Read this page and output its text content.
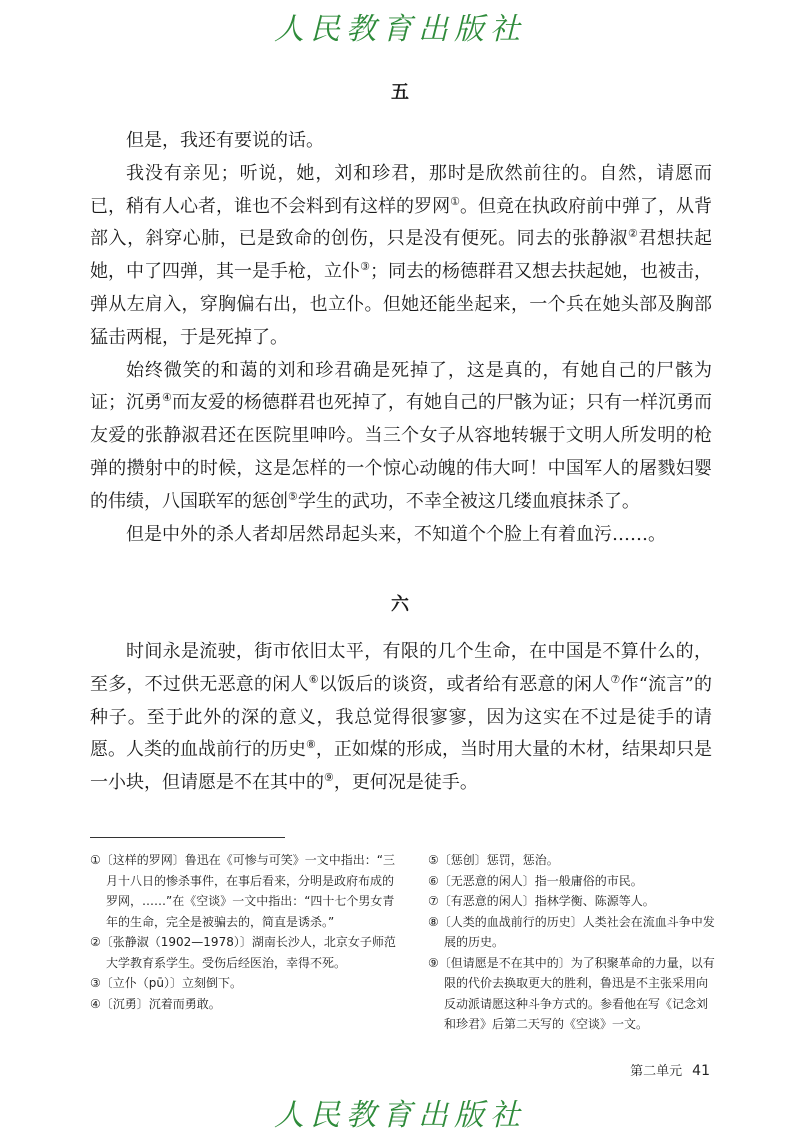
人民教育出版社
五

但是，我还有要说的话。

我没有亲见；听说，她，刘和珍君，那时是欣然前往的。自然，请愿而已，稍有人心者，谁也不会料到有这样的罗网①。但竟在执政府前中弹了，从背部入，斜穿心肺，已是致命的创伤，只是没有便死。同去的张静淑②君想扶起她，中了四弹，其一是手枪，立仆③；同去的杨德群君又想去扶起她，也被击，弹从左肩入，穿胸偏右出，也立仆。但她还能坐起来，一个兵在她头部及胸部猛击两棍，于是死掉了。

始终微笑的和蔼的刘和珍君确是死掉了，这是真的，有她自己的尸骸为证；沉勇④而友爱的杨德群君也死掉了，有她自己的尸骸为证；只有一样沉勇而友爱的张静淑君还在医院里呻吟。当三个女子从容地转辗于文明人所发明的枪弹的攒射中的时候，这是怎样的一个惊心动魄的伟大呵！中国军人的屠戮妇婴的伟绩，八国联军的惩创⑤学生的武功，不幸全被这几缕血痕抹杀了。

但是中外的杀人者却居然昂起头来，不知道个个脸上有着血污……。

六

时间永是流驶，街市依旧太平，有限的几个生命，在中国是不算什么的，至多，不过供无恶意的闲人⑥以饭后的谈资，或者给有恶意的闲人⑦作“流言”的种子。至于此外的深的意义，我总觉得很寥寥，因为这实在不过是徒手的请愿。人类的血战前行的历史⑧，正如煤的形成，当时用大量的木材，结果却只是一小块，但请愿是不在其中的⑨，更何况是徒手。

①〔这样的罗网〕鲁迅在《可惨与可笑》一文中指出：“三月十八日的惨杀事件，在事后看来，分明是政府布成的罗网，……”在《空谈》一文中指出：“四十七个男女青年的生命，完全是被骗去的，简直是诱杀。”
②〔张静淑（1902—1978）〕湖南长沙人，北京女子师范大学教育系学生。受伤后经医治，幸得不死。
③〔立仆（pū）〕立刻倒下。
④〔沉勇〕沉着而勇敢。
⑤〔惩创〕惩罚，惩治。
⑥〔无恶意的闲人〕指一般庸俗的市民。
⑦〔有恶意的闲人〕指林学衡、陈源等人。
⑧〔人类的血战前行的历史〕人类社会在流血斗争中发展的历史。
⑨〔但请愿是不在其中的〕为了积聚革命的力量，以有限的代价去换取更大的胜利，鲁迅是不主张采用向反动派请愿这种斗争方式的。参看他在写《记念刘和珍君》后第二天写的《空谈》一文。
第二单元 41
人民教育出版社
